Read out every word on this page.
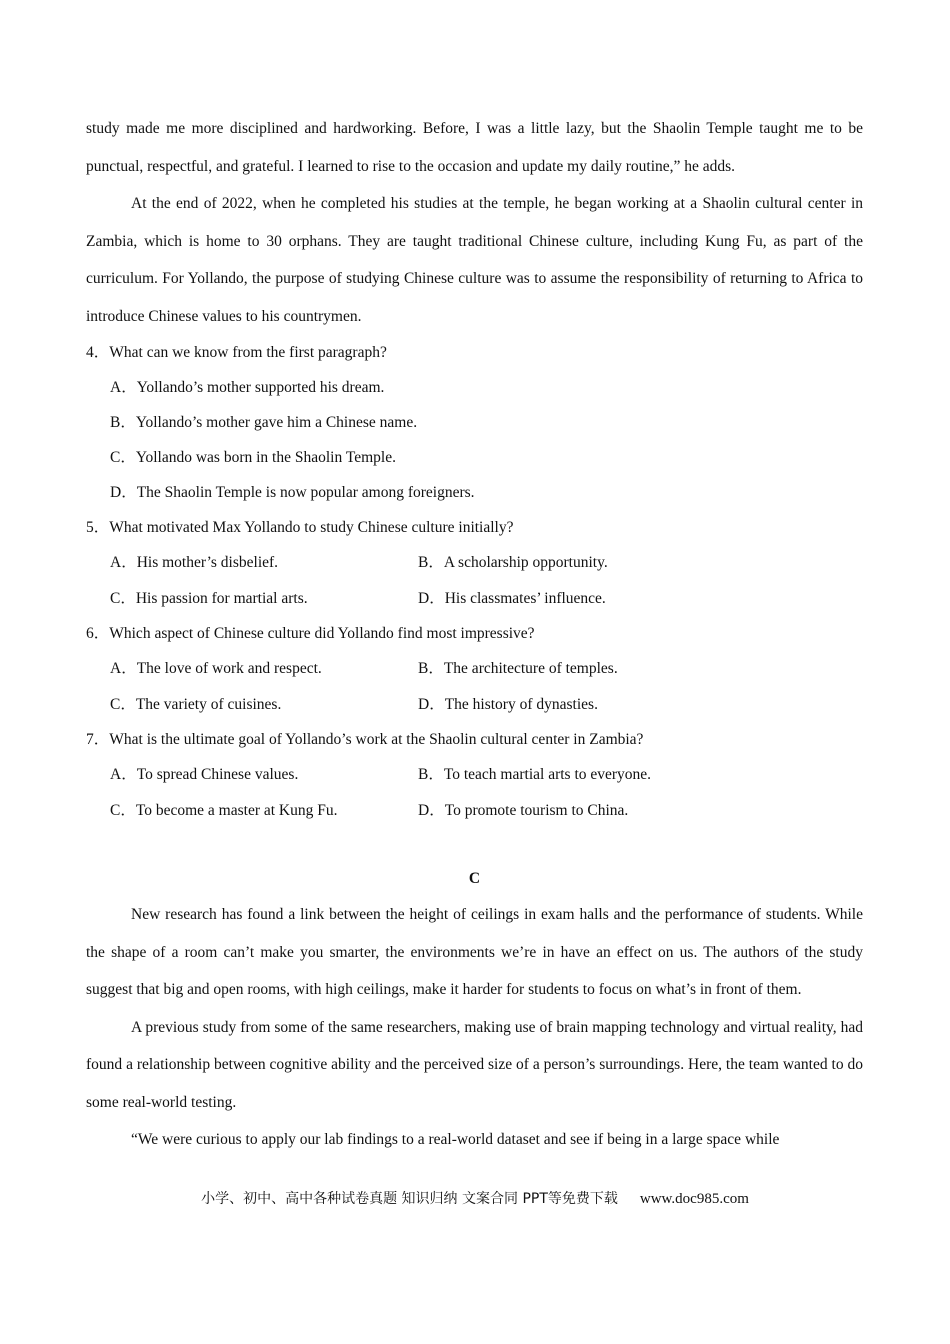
study made me more disciplined and hardworking. Before, I was a little lazy, but the Shaolin Temple taught me to be punctual, respectful, and grateful. I learned to rise to the occasion and update my daily routine,” he adds.

At the end of 2022, when he completed his studies at the temple, he began working at a Shaolin cultural center in Zambia, which is home to 30 orphans. They are taught traditional Chinese culture, including Kung Fu, as part of the curriculum. For Yollando, the purpose of studying Chinese culture was to assume the responsibility of returning to Africa to introduce Chinese values to his countrymen.

4．What can we know from the first paragraph?

A．Yollando’s mother supported his dream.

B．Yollando’s mother gave him a Chinese name.

C．Yollando was born in the Shaolin Temple.

D．The Shaolin Temple is now popular among foreigners.

5．What motivated Max Yollando to study Chinese culture initially?

A．His mother’s disbelief.	B．A scholarship opportunity.
C．His passion for martial arts.	D．His classmates’ influence.

6．Which aspect of Chinese culture did Yollando find most impressive?

A．The love of work and respect.	B．The architecture of temples.
C．The variety of cuisines.	D．The history of dynasties.

7．What is the ultimate goal of Yollando’s work at the Shaolin cultural center in Zambia?

A．To spread Chinese values.	B．To teach martial arts to everyone.
C．To become a master at Kung Fu.	D．To promote tourism to China.
C

New research has found a link between the height of ceilings in exam halls and the performance of students. While the shape of a room can’t make you smarter, the environments we’re in have an effect on us. The authors of the study suggest that big and open rooms, with high ceilings, make it harder for students to focus on what’s in front of them.

A previous study from some of the same researchers, making use of brain mapping technology and virtual reality, had found a relationship between cognitive ability and the perceived size of a person’s surroundings. Here, the team wanted to do some real-world testing.

“We were curious to apply our lab findings to a real-world dataset and see if being in a large space while

小学、初中、高中各种试卷真题 知识归纳 文案合同 PPT等免费下载 www.doc985.com
